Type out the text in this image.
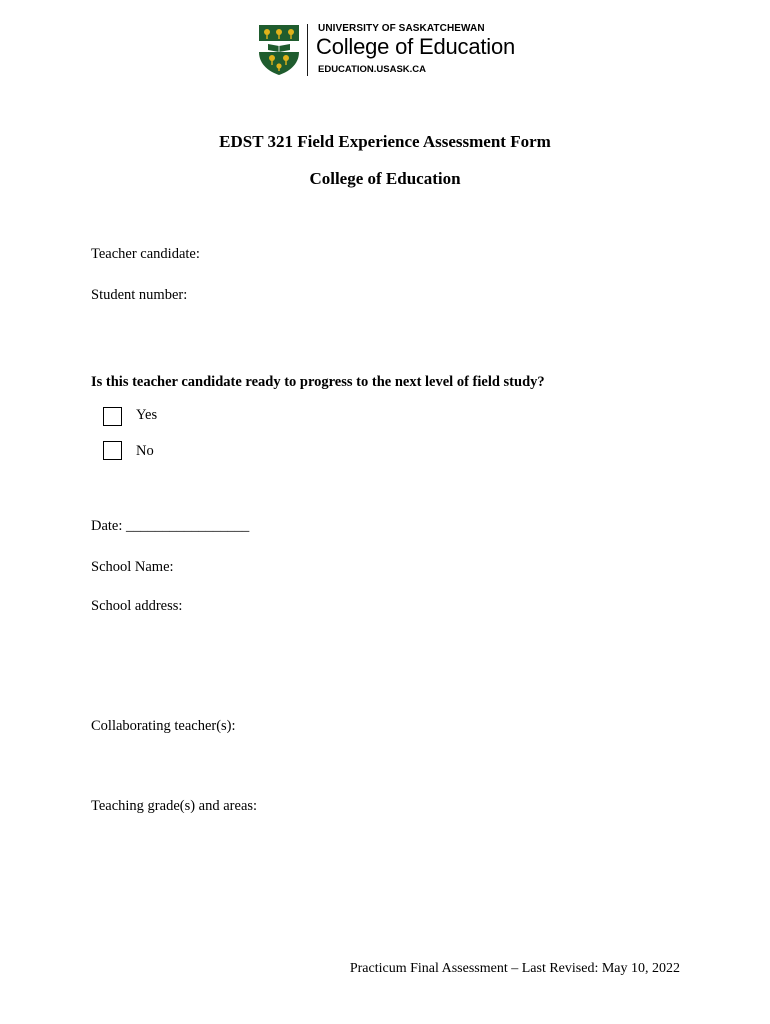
UNIVERSITY OF SASKATCHEWAN
College of Education
EDUCATION.USASK.CA
EDST 321 Field Experience Assessment Form
College of Education
Teacher candidate:
Student number:
Is this teacher candidate ready to progress to the next level of field study?
Yes
No
Date: _________________
School Name:
School address:
Collaborating teacher(s):
Teaching grade(s) and areas:
Practicum Final Assessment – Last Revised: May 10, 2022
